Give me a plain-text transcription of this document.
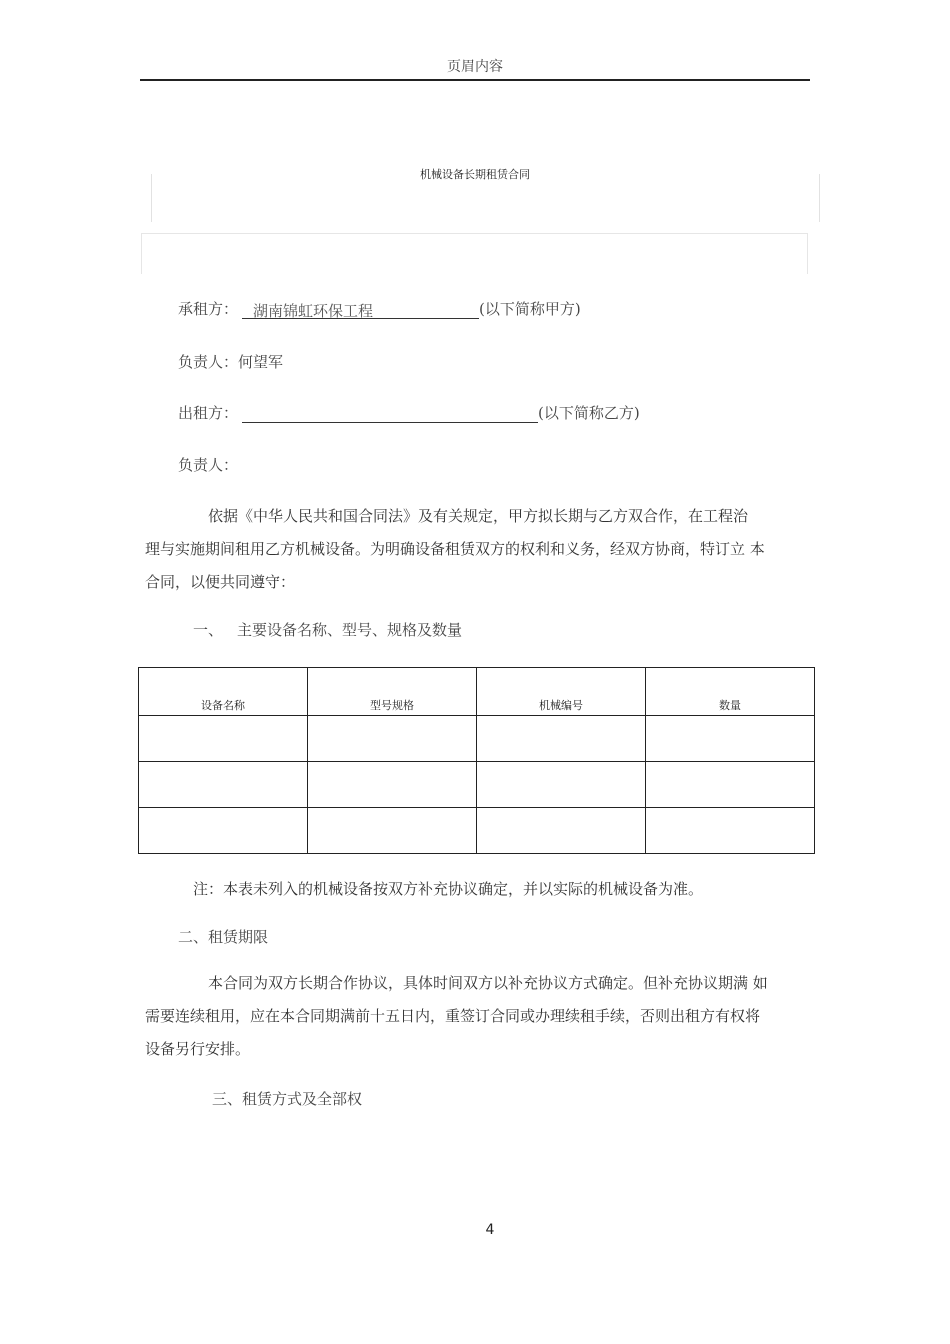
页眉内容
机械设备长期租赁合同
承租方： 湖南锦虹环保工程	(以下简称甲方)
负责人：何望军
出租方：	(以下简称乙方)
负责人：
依据《中华人民共和国合同法》及有关规定，甲方拟长期与乙方双合作，在工程治
理与实施期间租用乙方机械设备。为明确设备租赁双方的权利和义务，经双方协商，特订立 本
合同，以便共同遵守：
一、 主要设备名称、型号、规格及数量
设备名称	型号规格	机械编号	数量

注：本表未列入的机械设备按双方补充协议确定，并以实际的机械设备为准。
二、租赁期限
本合同为双方长期合作协议，具体时间双方以补充协议方式确定。但补充协议期满 如
需要连续租用，应在本合同期满前十五日内，重签订合同或办理续租手续，否则出租方有权将
设备另行安排。
三、租赁方式及全部权
4
